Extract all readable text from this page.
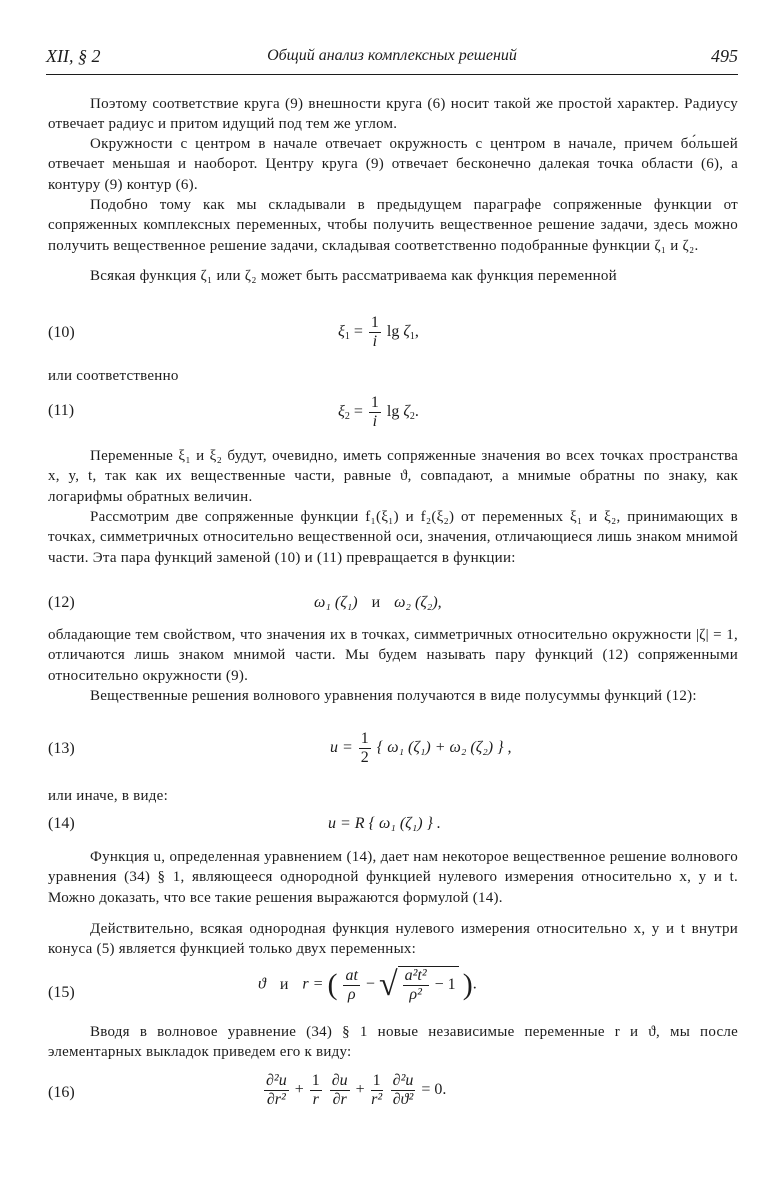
XII, § 2	Общий анализ комплексных решений	495
Поэтому соответствие круга (9) внешности круга (6) носит такой же простой характер. Радиусу отвечает радиус и притом идущий под тем же углом.
Окружности с центром в начале отвечает окружность с центром в начале, причем бо́льшей отвечает меньшая и наоборот. Центру круга (9) отвечает бесконечно далекая точка области (6), а контуру (9) контур (6).
Подобно тому как мы складывали в предыдущем параграфе сопряженные функции от сопряженных комплексных переменных, чтобы получить вещественное решение задачи, здесь можно получить вещественное решение задачи, складывая соответственно подобранные функции ζ₁ и ζ₂.
Всякая функция ζ₁ или ζ₂ может быть рассматриваема как функция переменной
(10)	$\xi_1 = \frac{1}{i}$ $\lg \zeta_1$,
или соответственно
(11)	$\xi_2 = \frac{1}{i}$ $\lg \zeta_2$.
Переменные ξ₁ и ξ₂ будут, очевидно, иметь сопряженные значения во всех точках пространства x, y, t, так как их вещественные части, равные ϑ, совпадают, а мнимые обратны по знаку, как логарифмы обратных величин.
Рассмотрим две сопряженные функции f₁(ξ₁) и f₂(ξ₂) от переменных ξ₁ и ξ₂, принимающих в точках, симметричных относительно вещественной оси, значения, отличающиеся лишь знаком мнимой части. Эта пара функций заменой (10) и (11) превращается в функции:
(12)	ω₁ (ζ₁) и ω₂ (ζ₂),
обладающие тем свойством, что значения их в точках, симметричных относительно окружности |ζ| = 1, отличаются лишь знаком мнимой части. Мы будем называть пару функций (12) сопряженными относительно окружности (9).
Вещественные решения волнового уравнения получаются в виде полусуммы функций (12):
(13)	$u = \frac{1}{2}$ { ω₁ (ζ₁) + ω₂ (ζ₂) } ,
или иначе, в виде:
(14)	u = R { ω₁ (ζ₁) } .
Функция u, определенная уравнением (14), дает нам некоторое вещественное решение волнового уравнения (34) § 1, являющееся однородной функцией нулевого измерения относительно x, y и t. Можно доказать, что все такие решения выражаются формулой (14).
Действительно, всякая однородная функция нулевого измерения относительно x, y и t внутри конуса (5) является функцией только двух переменных:
(15)	ϑ и r = ( $\frac{at}{\rho}$ − √ $\frac{\text{a²t²}}{\text{ρ²}} - 1$ ).
Вводя в волновое уравнение (34) § 1 новые независимые переменные r и ϑ, мы после элементарных выкладок приведем его к виду:
(16)	$\frac{\text{∂²u}}{\text{∂r²}} + \frac{1}{r}$
$\frac{\partial u}{\partial r} + \frac{1}{\text{r²}}$
$\frac{\text{∂²u}}{\text{∂ϑ²}} = 0$.
